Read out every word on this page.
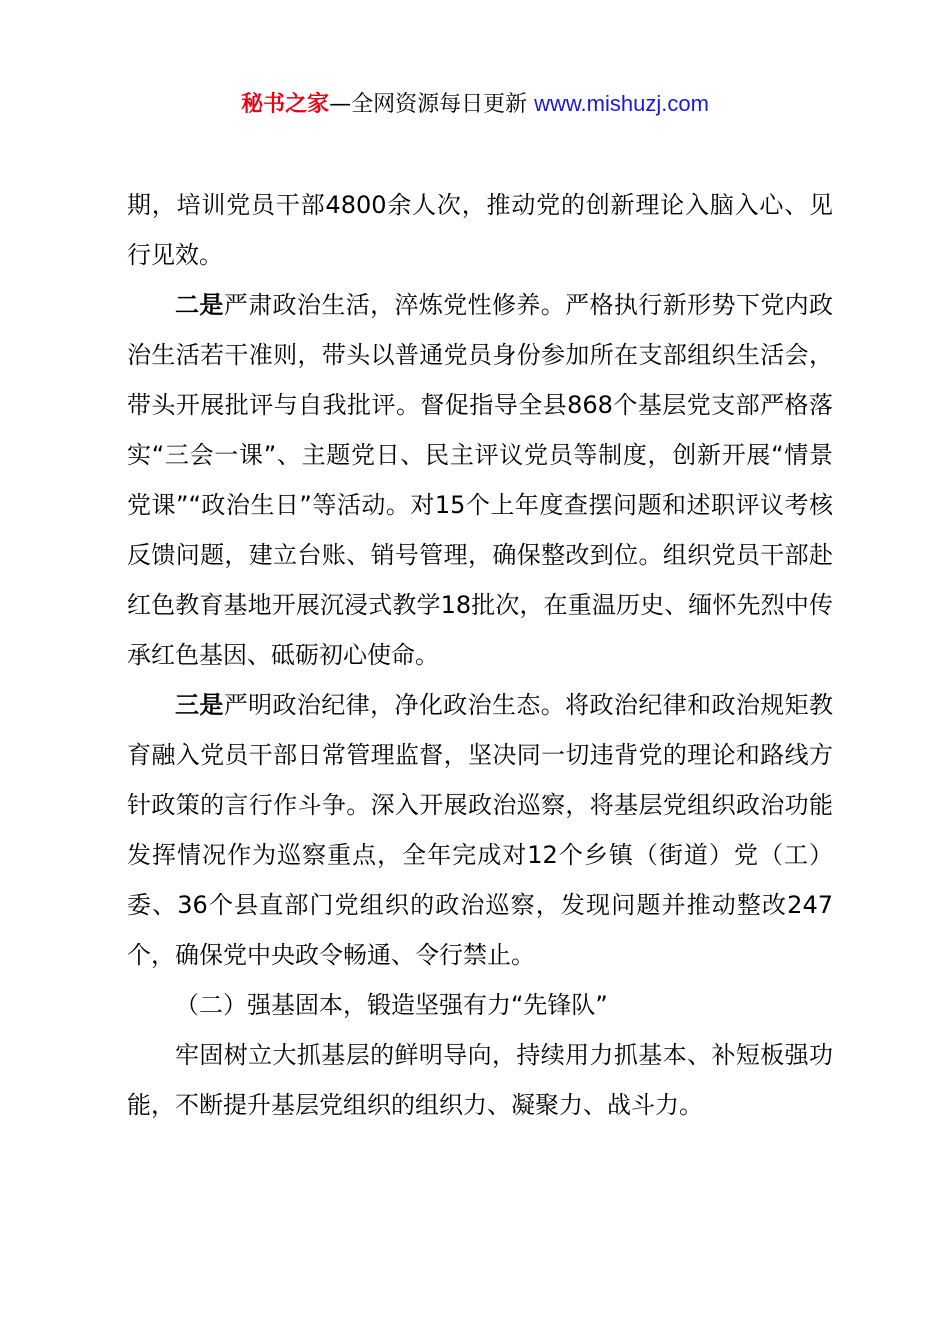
秘书之家—全网资源每日更新 www.mishuzj.com

期，培训党员干部4800余人次，推动党的创新理论入脑入心、见行见效。

二是严肃政治生活，淬炼党性修养。严格执行新形势下党内政治生活若干准则，带头以普通党员身份参加所在支部组织生活会，带头开展批评与自我批评。督促指导全县868个基层党支部严格落实“三会一课”、主题党日、民主评议党员等制度，创新开展“情景党课”“政治生日”等活动。对15个上年度查摆问题和述职评议考核反馈问题，建立台账、销号管理，确保整改到位。组织党员干部赴红色教育基地开展沉浸式教学18批次，在重温历史、缅怀先烈中传承红色基因、砥砺初心使命。

三是严明政治纪律，净化政治生态。将政治纪律和政治规矩教育融入党员干部日常管理监督，坚决同一切违背党的理论和路线方针政策的言行作斗争。深入开展政治巡察，将基层党组织政治功能发挥情况作为巡察重点，全年完成对12个乡镇（街道）党（工）委、36个县直部门党组织的政治巡察，发现问题并推动整改247个，确保党中央政令畅通、令行禁止。

（二）强基固本，锻造坚强有力“先锋队”

牢固树立大抓基层的鲜明导向，持续用力抓基本、补短板强功能，不断提升基层党组织的组织力、凝聚力、战斗力。
